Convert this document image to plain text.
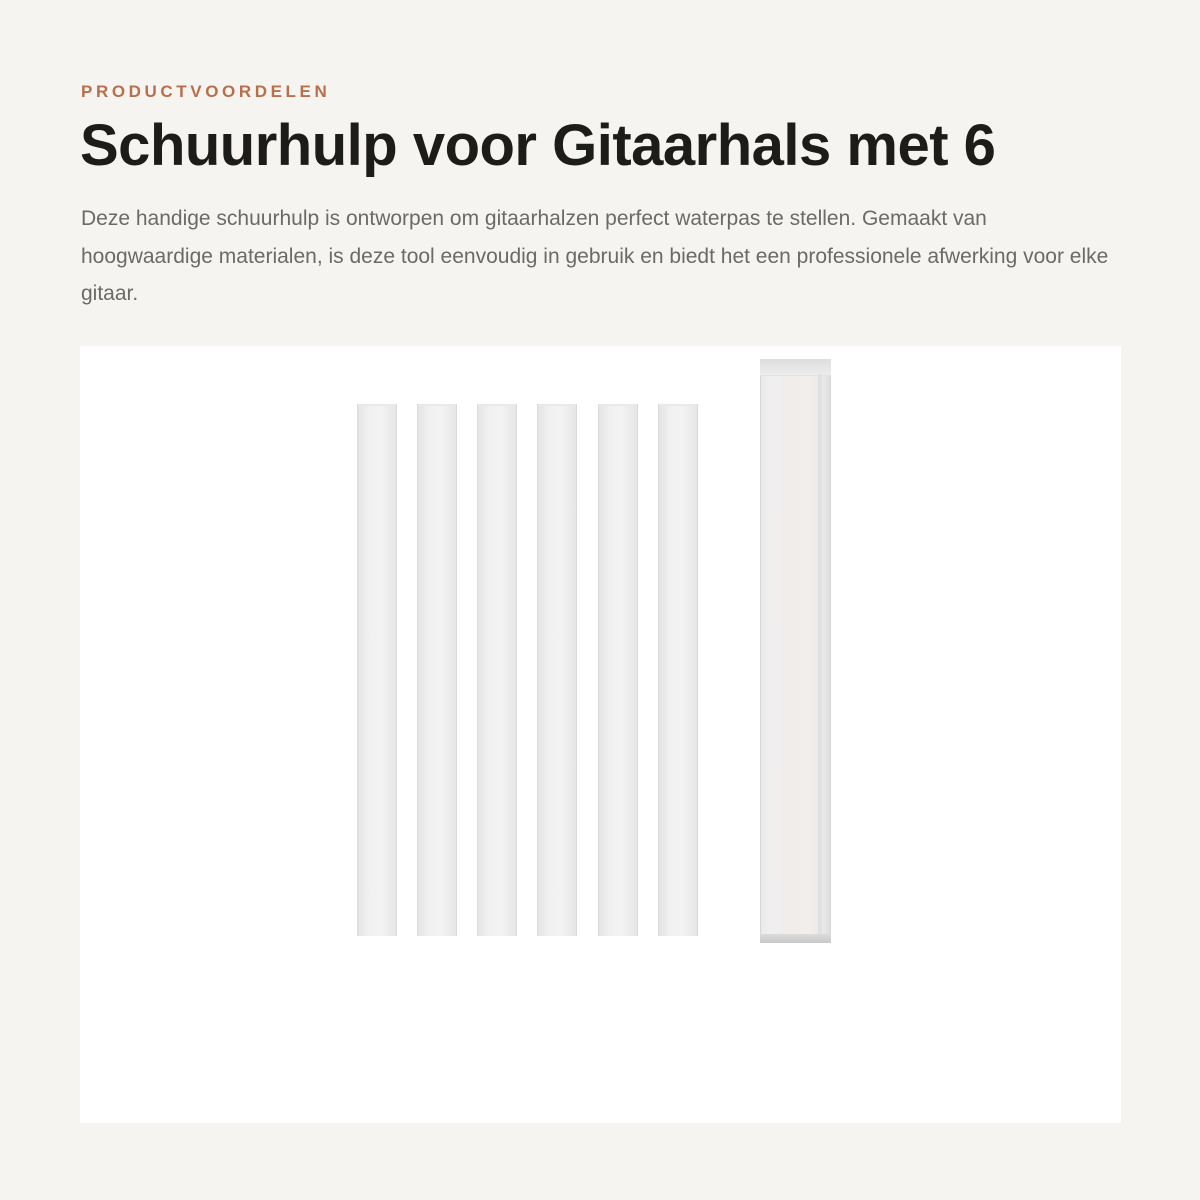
PRODUCTVOORDELEN
Schuurhulp voor Gitaarhals met 6

Deze handige schuurhulp is ontworpen om gitaarhalzen perfect waterpas te stellen. Gemaakt van hoogwaardige materialen, is deze tool eenvoudig in gebruik en biedt het een professionele afwerking voor elke gitaar.
